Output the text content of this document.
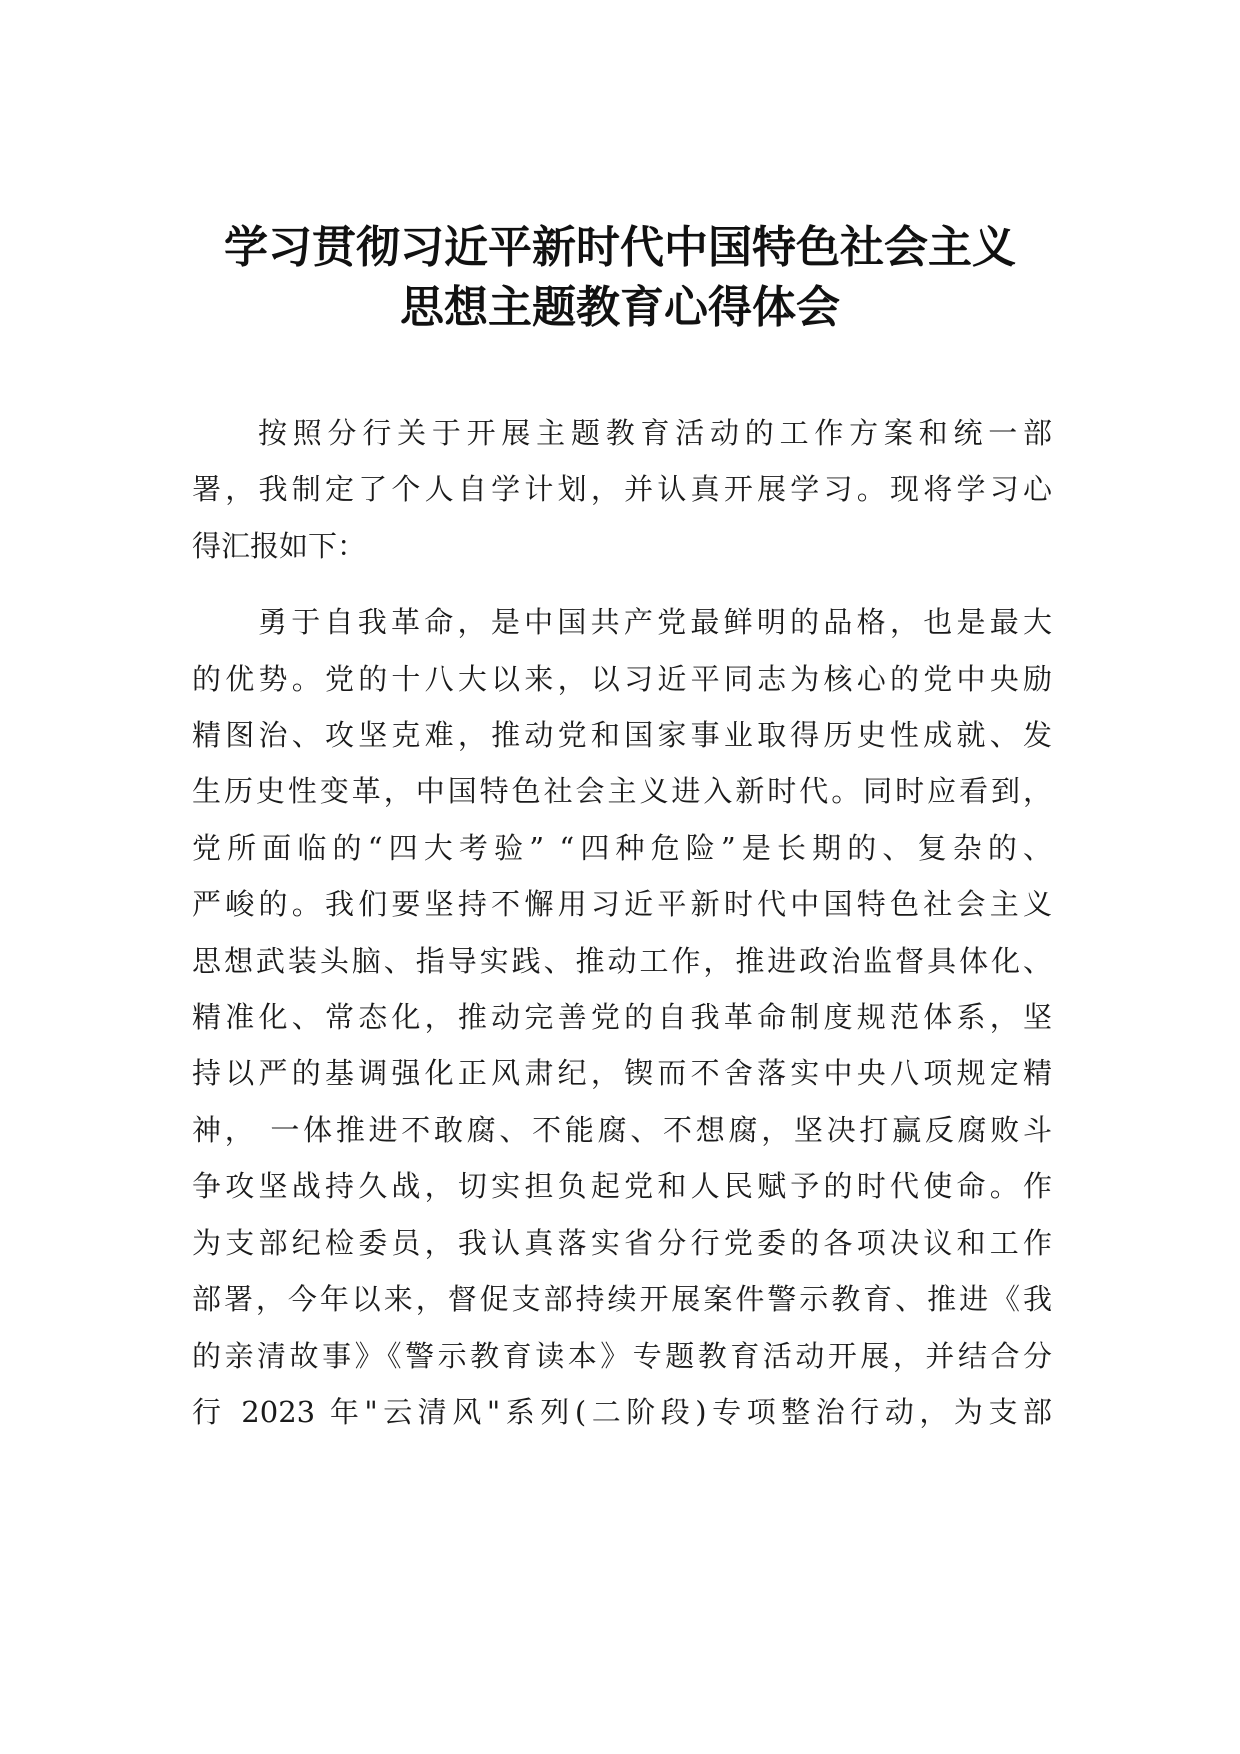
学习贯彻习近平新时代中国特色社会主义
思想主题教育心得体会
按照分行关于开展主题教育活动的工作方案和统一部
署，我制定了个人自学计划，并认真开展学习。现将学习心
得汇报如下：
勇于自我革命，是中国共产党最鲜明的品格，也是最大
的优势。党的十八大以来，以习近平同志为核心的党中央励
精图治、攻坚克难，推动党和国家事业取得历史性成就、发
生历史性变革，中国特色社会主义进入新时代。同时应看到，
党所面临的“四大考验” “四种危险”是长期的、复杂的、
严峻的。我们要坚持不懈用习近平新时代中国特色社会主义
思想武装头脑、指导实践、推动工作，推进政治监督具体化、
精准化、常态化，推动完善党的自我革命制度规范体系，坚
持以严的基调强化正风肃纪，锲而不舍落实中央八项规定精
神， 一体推进不敢腐、不能腐、不想腐，坚决打赢反腐败斗
争攻坚战持久战，切实担负起党和人民赋予的时代使命。作
为支部纪检委员，我认真落实省分行党委的各项决议和工作
部署，今年以来，督促支部持续开展案件警示教育、推进《我
的亲清故事》《警示教育读本》专题教育活动开展，并结合分
行 2023 年"云清风"系列(二阶段)专项整治行动，为支部
